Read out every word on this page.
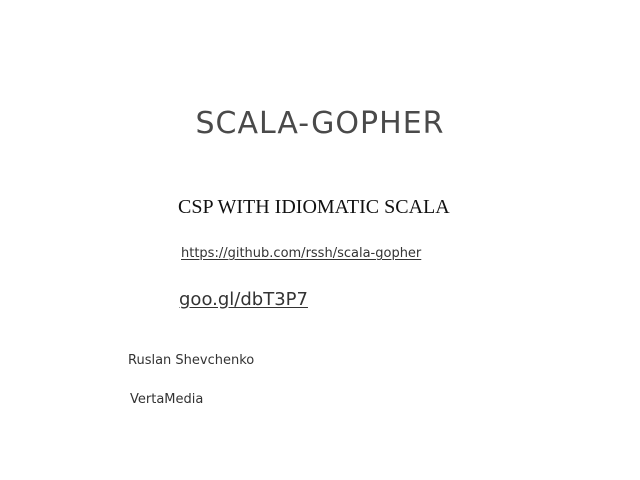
SCALA-GOPHER
CSP WITH IDIOMATIC SCALA
https://github.com/rssh/scala-gopher
goo.gl/dbT3P7
Ruslan Shevchenko
VertaMedia
